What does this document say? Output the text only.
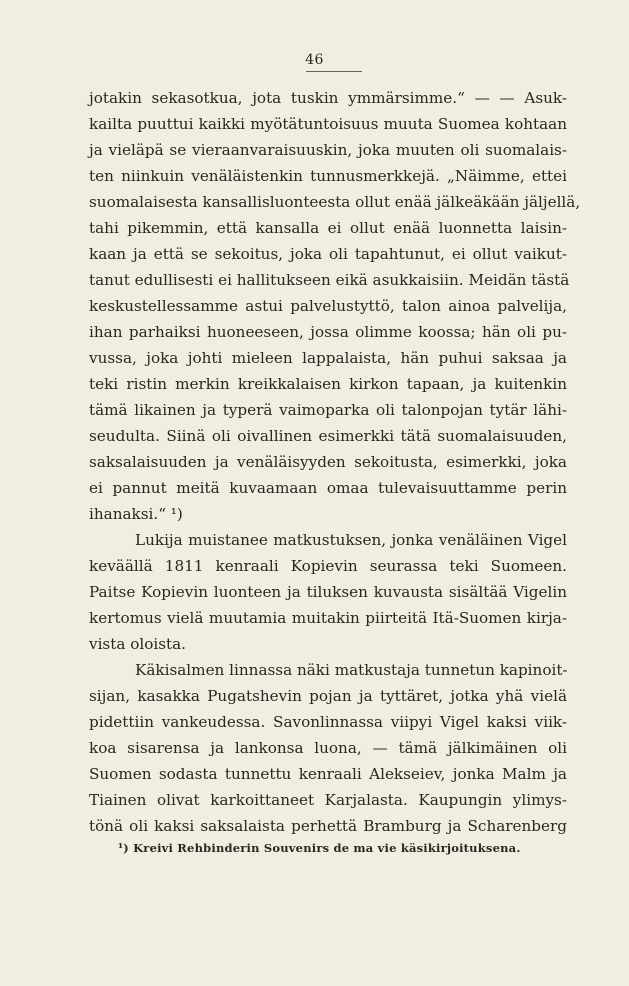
46
jotakin sekasotkua, jota tuskin ymmärsimme.“ — — Asuk-
kailta puuttui kaikki myötätuntoisuus muuta Suomea kohtaan
ja vieläpä se vieraanvaraisuuskin, joka muuten oli suomalais-
ten niinkuin venäläistenkin tunnusmerkkejä. „Näimme, ettei
suomalaisesta kansallisluonteesta ollut enää jälkeäkään jäljellä,
tahi pikemmin, että kansalla ei ollut enää luonnetta laisin-
kaan ja että se sekoitus, joka oli tapahtunut, ei ollut vaikut-
tanut edullisesti ei hallitukseen eikä asukkaisiin. Meidän tästä
keskustellessamme astui palvelustyttö, talon ainoa palvelija,
ihan parhaiksi huoneeseen, jossa olimme koossa; hän oli pu-
vussa, joka johti mieleen lappalaista, hän puhui saksaa ja
teki ristin merkin kreikkalaisen kirkon tapaan, ja kuitenkin
tämä likainen ja typerä vaimoparka oli talonpojan tytär lähi-
seudulta. Siinä oli oivallinen esimerkki tätä suomalaisuuden,
saksalaisuuden ja venäläisyyden sekoitusta, esimerkki, joka
ei pannut meitä kuvaamaan omaa tulevaisuuttamme perin
ihanaksi.“ ¹)
Lukija muistanee matkustuksen, jonka venäläinen Vigel
keväällä 1811 kenraali Kopievin seurassa teki Suomeen.
Paitse Kopievin luonteen ja tiluksen kuvausta sisältää Vigelin
kertomus vielä muutamia muitakin piirteitä Itä-Suomen kirja-
vista oloista.
Käkisalmen linnassa näki matkustaja tunnetun kapinoit-
sijan, kasakka Pugatshevin pojan ja tyttäret, jotka yhä vielä
pidettiin vankeudessa. Savonlinnassa viipyi Vigel kaksi viik-
koa sisarensa ja lankonsa luona, — tämä jälkimäinen oli
Suomen sodasta tunnettu kenraali Alekseiev, jonka Malm ja
Tiainen olivat karkoittaneet Karjalasta. Kaupungin ylimys-
tönä oli kaksi saksalaista perhettä Bramburg ja Scharenberg
¹) Kreivi Rehbinderin Souvenirs de ma vie käsikirjoituksena.
